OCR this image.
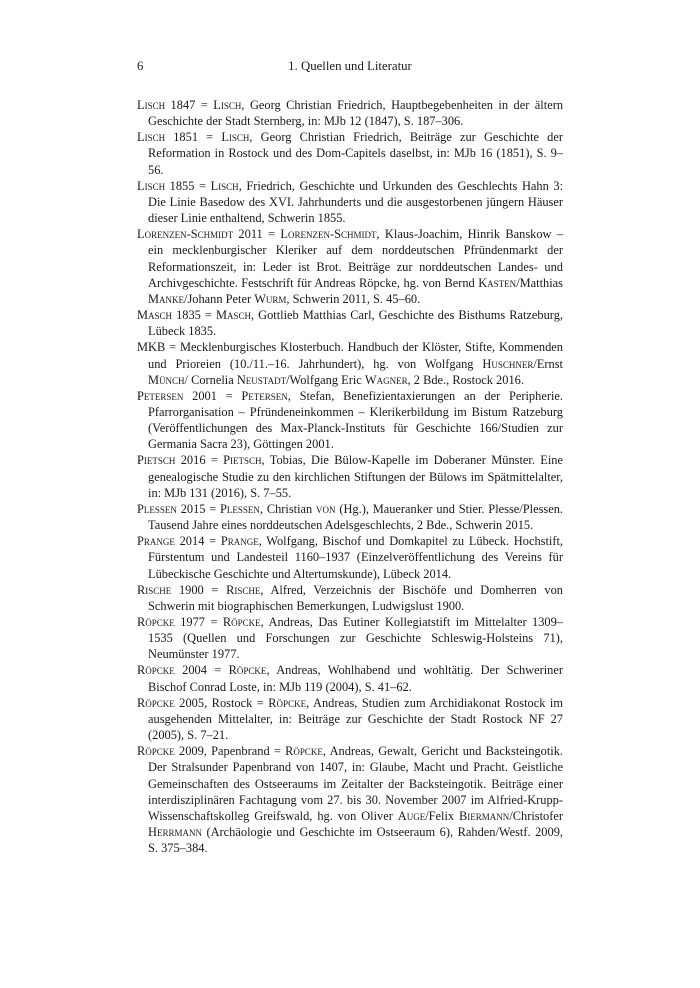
6	1. Quellen und Literatur

Lisch 1847 = Lisch, Georg Christian Friedrich, Hauptbegebenheiten in der ältern Geschichte der Stadt Sternberg, in: MJb 12 (1847), S. 187–306.

Lisch 1851 = Lisch, Georg Christian Friedrich, Beiträge zur Geschichte der Reformation in Rostock und des Dom-Capitels daselbst, in: MJb 16 (1851), S. 9–56.

Lisch 1855 = Lisch, Friedrich, Geschichte und Urkunden des Geschlechts Hahn 3: Die Linie Basedow des XVI. Jahrhunderts und die ausgestorbenen jüngern Häuser dieser Linie enthaltend, Schwerin 1855.

Lorenzen-Schmidt 2011 = Lorenzen-Schmidt, Klaus-Joachim, Hinrik Banskow – ein mecklenburgischer Kleriker auf dem norddeutschen Pfründenmarkt der Reformationszeit, in: Leder ist Brot. Beiträge zur norddeutschen Landes- und Archivgeschichte. Festschrift für Andreas Röpcke, hg. von Bernd Kasten/Matthias Manke/Johann Peter Wurm, Schwerin 2011, S. 45–60.

Masch 1835 = Masch, Gottlieb Matthias Carl, Geschichte des Bisthums Ratzeburg, Lübeck 1835.

MKB = Mecklenburgisches Klosterbuch. Handbuch der Klöster, Stifte, Kommenden und Prioreien (10./11.–16. Jahrhundert), hg. von Wolfgang Huschner/Ernst Münch/ Cornelia Neustadt/Wolfgang Eric Wagner, 2 Bde., Rostock 2016.

Petersen 2001 = Petersen, Stefan, Benefizientaxierungen an der Peripherie. Pfarrorganisation – Pfründeneinkommen – Klerikerbildung im Bistum Ratzeburg (Veröffentlichungen des Max-Planck-Instituts für Geschichte 166/Studien zur Germania Sacra 23), Göttingen 2001.

Pietsch 2016 = Pietsch, Tobias, Die Bülow-Kapelle im Doberaner Münster. Eine genealogische Studie zu den kirchlichen Stiftungen der Bülows im Spätmittelalter, in: MJb 131 (2016), S. 7–55.

Plessen 2015 = Plessen, Christian von (Hg.), Maueranker und Stier. Plesse/Plessen. Tausend Jahre eines norddeutschen Adelsgeschlechts, 2 Bde., Schwerin 2015.

Prange 2014 = Prange, Wolfgang, Bischof und Domkapitel zu Lübeck. Hochstift, Fürstentum und Landesteil 1160–1937 (Einzelveröffentlichung des Vereins für Lübeckische Geschichte und Altertumskunde), Lübeck 2014.

Rische 1900 = Rische, Alfred, Verzeichnis der Bischöfe und Domherren von Schwerin mit biographischen Bemerkungen, Ludwigslust 1900.

Röpcke 1977 = Röpcke, Andreas, Das Eutiner Kollegiatstift im Mittelalter 1309–1535 (Quellen und Forschungen zur Geschichte Schleswig-Holsteins 71), Neumünster 1977.

Röpcke 2004 = Röpcke, Andreas, Wohlhabend und wohltätig. Der Schweriner Bischof Conrad Loste, in: MJb 119 (2004), S. 41–62.

Röpcke 2005, Rostock = Röpcke, Andreas, Studien zum Archidiakonat Rostock im ausgehenden Mittelalter, in: Beiträge zur Geschichte der Stadt Rostock NF 27 (2005), S. 7–21.

Röpcke 2009, Papenbrand = Röpcke, Andreas, Gewalt, Gericht und Backsteingotik. Der Stralsunder Papenbrand von 1407, in: Glaube, Macht und Pracht. Geistliche Gemeinschaften des Ostseeraums im Zeitalter der Backsteingotik. Beiträge einer interdisziplinären Fachtagung vom 27. bis 30. November 2007 im Alfried-Krupp-Wissenschaftskolleg Greifswald, hg. von Oliver Auge/Felix Biermann/Christofer Herrmann (Archäologie und Geschichte im Ostseeraum 6), Rahden/Westf. 2009, S. 375–384.
